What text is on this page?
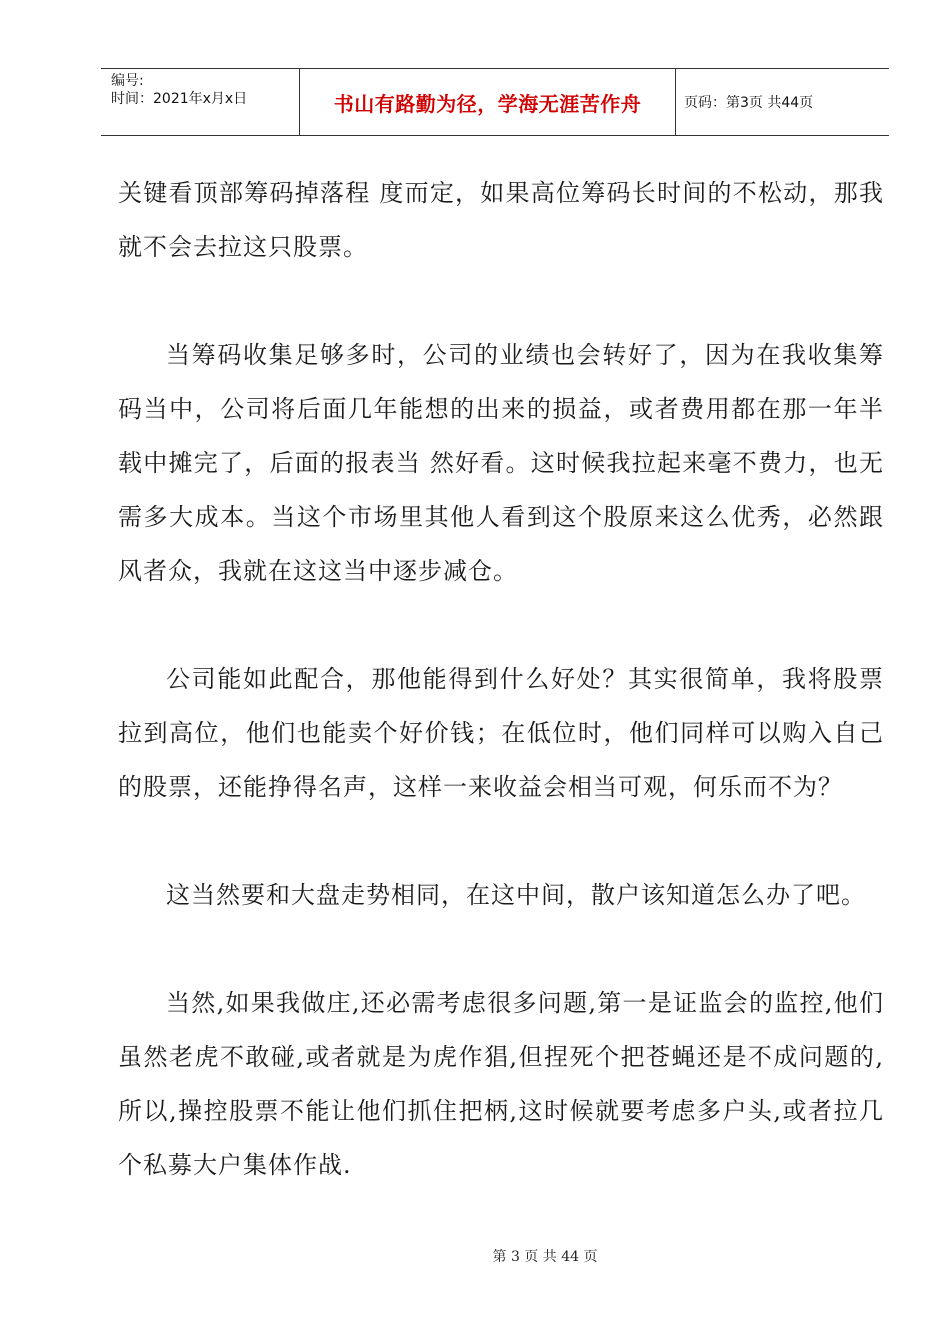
编号:
时间：2021年x月x日	书山有路勤为径，学海无涯苦作舟	页码：第3页 共44页

关键看顶部筹码掉落程 度而定，如果高位筹码长时间的不松动，那我就不会去拉这只股票。

当筹码收集足够多时，公司的业绩也会转好了，因为在我收集筹码当中，公司将后面几年能想的出来的损益，或者费用都在那一年半载中摊完了，后面的报表当 然好看。这时候我拉起来毫不费力，也无需多大成本。当这个市场里其他人看到这个股原来这么优秀，必然跟风者众，我就在这这当中逐步减仓。

公司能如此配合，那他能得到什么好处？其实很简单，我将股票拉到高位，他们也能卖个好价钱；在低位时，他们同样可以购入自己的股票，还能挣得名声，这样一来收益会相当可观，何乐而不为？

这当然要和大盘走势相同，在这中间，散户该知道怎么办了吧。

当然,如果我做庄,还必需考虑很多问题,第一是证监会的监控,他们虽然老虎不敢碰,或者就是为虎作猖,但捏死个把苍蝇还是不成问题的,所以,操控股票不能让他们抓住把柄,这时候就要考虑多户头,或者拉几个私募大户集体作战.

第 3 页 共 44 页
